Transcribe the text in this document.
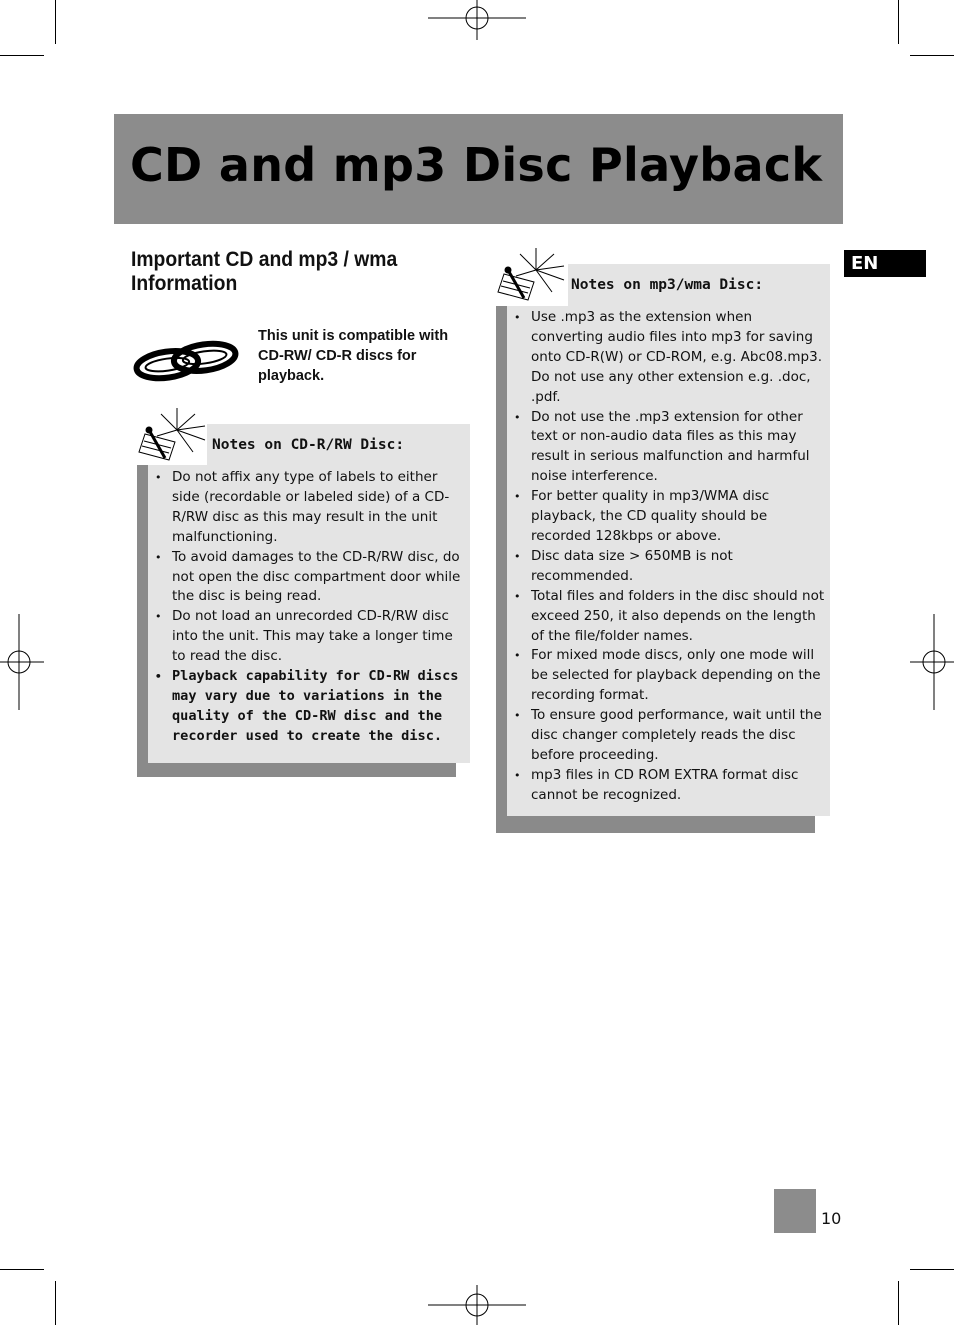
CD and mp3 Disc Playback
EN
Important CD and mp3 / wma
Information

This unit is compatible with CD-RW/ CD-R discs for playback.

Notes on CD-R/RW Disc:
• Do not affix any type of labels to either side (recordable or labeled side) of a CD-R/RW disc as this may result in the unit malfunctioning.
• To avoid damages to the CD-R/RW disc, do not open the disc compartment door while the disc is being read.
• Do not load an unrecorded CD-R/RW disc into the unit. This may take a longer time to read the disc.
• Playback capability for CD-RW discs may vary due to variations in the quality of the CD-RW disc and the recorder used to create the disc.
Notes on mp3/wma Disc:
• Use .mp3 as the extension when converting audio files into mp3 for saving onto CD-R(W) or CD-ROM, e.g. Abc08.mp3. Do not use any other extension e.g. .doc, .pdf.
• Do not use the .mp3 extension for other text or non-audio data files as this may result in serious malfunction and harmful noise interference.
• For better quality in mp3/WMA disc playback, the CD quality should be recorded 128kbps or above.
• Disc data size > 650MB is not recommended.
• Total files and folders in the disc should not exceed 250, it also depends on the length of the file/folder names.
• For mixed mode discs, only one mode will be selected for playback depending on the recording format.
• To ensure good performance, wait until the disc changer completely reads the disc before proceeding.
• mp3 files in CD ROM EXTRA format disc cannot be recognized.
10
